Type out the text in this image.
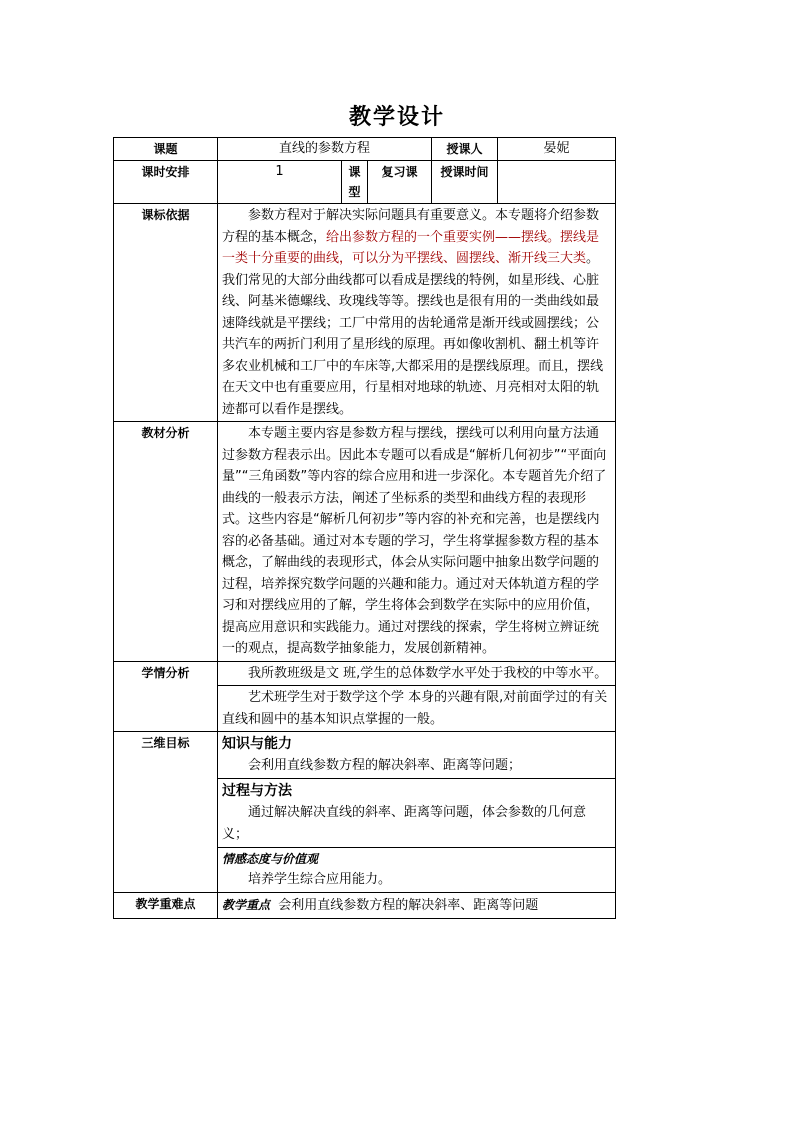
教学设计
课题	直线的参数方程			授课人	晏妮
课时安排	1	课型	复习课	授课时间	
课标依据	参数方程对于解决实际问题具有重要意义。本专题将介绍参数方程的基本概念，给出参数方程的一个重要实例——摆线。摆线是一类十分重要的曲线，可以分为平摆线、圆摆线、渐开线三大类。我们常见的大部分曲线都可以看成是摆线的特例，如星形线、心脏线、阿基米德螺线、玫瑰线等等。摆线也是很有用的一类曲线如最速降线就是平摆线；工厂中常用的齿轮通常是渐开线或圆摆线；公共汽车的两折门利用了星形线的原理。再如像收割机、翻土机等许多农业机械和工厂中的车床等,大都采用的是摆线原理。而且，摆线在天文中也有重要应用，行星相对地球的轨迹、月亮相对太阳的轨迹都可以看作是摆线。				

教材分析	本专题主要内容是参数方程与摆线，摆线可以利用向量方法通过参数方程表示出。因此本专题可以看成是“解析几何初步”“平面向量”“三角函数”等内容的综合应用和进一步深化。本专题首先介绍了曲线的一般表示方法，阐述了坐标系的类型和曲线方程的表现形式。这些内容是“解析几何初步”等内容的补充和完善，也是摆线内容的必备基础。通过对本专题的学习，学生将掌握参数方程的基本概念，了解曲线的表现形式，体会从实际问题中抽象出数学问题的过程，培养探究数学问题的兴趣和能力。通过对天体轨道方程的学习和对摆线应用的了解，学生将体会到数学在实际中的应用价值，提高应用意识和实践能力。通过对摆线的探索，学生将树立辨证统一的观点，提高数学抽象能力，发展创新精神。				

学情分析	我所教班级是文 班,学生的总体数学水平处于我校的中等水平。				

	艺术班学生对于数学这个学 本身的兴趣有限,对前面学过的有关直线和圆中的基本知识点掌握的一般。				

三维目标	知识与能力
会利用直线参数方程的解决斜率、距离等问题；				

	过程与方法
通过解决解决直线的斜率、距离等问题，体会参数的几何意义；				

	情感态度与价值观
培养学生综合应用能力。				

教学重难点	教学重点 会利用直线参数方程的解决斜率、距离等问题				
